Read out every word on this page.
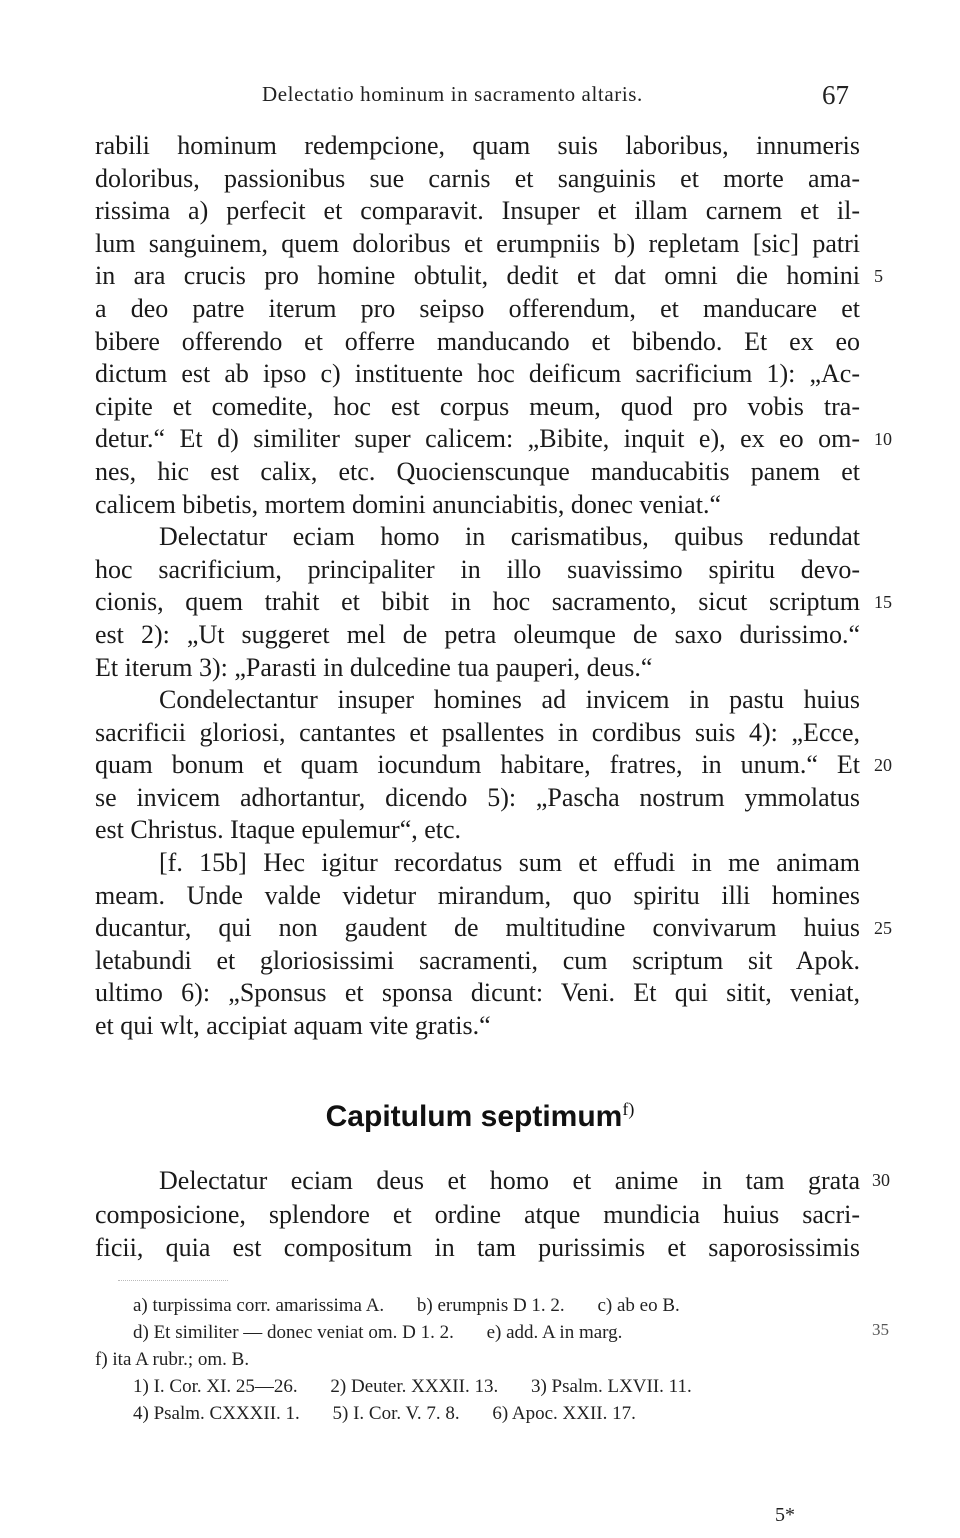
Delectatio hominum in sacramento altaris.	67
rabili hominum redempcione, quam suis laboribus, innumeris
doloribus, passionibus sue carnis et sanguinis et morte ama-
rissima a) perfecit et comparavit. Insuper et illam carnem et il-
lum sanguinem, quem doloribus et erumpniis b) repletam [sic] patri
in ara crucis pro homine obtulit, dedit et dat omni die homini
a deo patre iterum pro seipso offerendum, et manducare et
bibere offerendo et offerre manducando et bibendo. Et ex eo
dictum est ab ipso c) instituente hoc deificum sacrificium 1): „Ac-
cipite et comedite, hoc est corpus meum, quod pro vobis tra-
detur.“ Et d) similiter super calicem: „Bibite, inquit e), ex eo om-
nes, hic est calix, etc. Quocienscunque manducabitis panem et
calicem bibetis, mortem domini anunciabitis, donec veniat.“
Delectatur eciam homo in carismatibus, quibus redundat
hoc sacrificium, principaliter in illo suavissimo spiritu devo-
cionis, quem trahit et bibit in hoc sacramento, sicut scriptum
est 2): „Ut suggeret mel de petra oleumque de saxo durissimo.“
Et iterum 3): „Parasti in dulcedine tua pauperi, deus.“
Condelectantur insuper homines ad invicem in pastu huius
sacrificii gloriosi, cantantes et psallentes in cordibus suis 4): „Ecce,
quam bonum et quam iocundum habitare, fratres, in unum.“ Et
se invicem adhortantur, dicendo 5): „Pascha nostrum ymmolatus
est Christus. Itaque epulemur“, etc.
[f. 15b] Hec igitur recordatus sum et effudi in me animam
meam. Unde valde videtur mirandum, quo spiritu illi homines
ducantur, qui non gaudent de multitudine convivarum huius
letabundi et gloriosissimi sacramenti, cum scriptum sit Apok.
ultimo 6): „Sponsus et sponsa dicunt: Veni. Et qui sitit, veniat,
et qui wlt, accipiat aquam vite gratis.“
5
10
15
20
25
Capitulum septimum$^{f)}$
Delectatur eciam deus et homo et anime in tam grata
composicione, splendore et ordine atque mundicia huius sacri-
ficii, quia est compositum in tam purissimis et saporosissimis
30
a) turpissima corr. amarissima A. b) erumpnis D 1. 2. c) ab eo B.
d) Et similiter — donec veniat om. D 1. 2. e) add. A in marg.
f) ita A rubr.; om. B.
1) I. Cor. XI. 25—26. 2) Deuter. XXXII. 13. 3) Psalm. LXVII. 11.
4) Psalm. CXXXII. 1. 5) I. Cor. V. 7. 8. 6) Apoc. XXII. 17.
35
5*
